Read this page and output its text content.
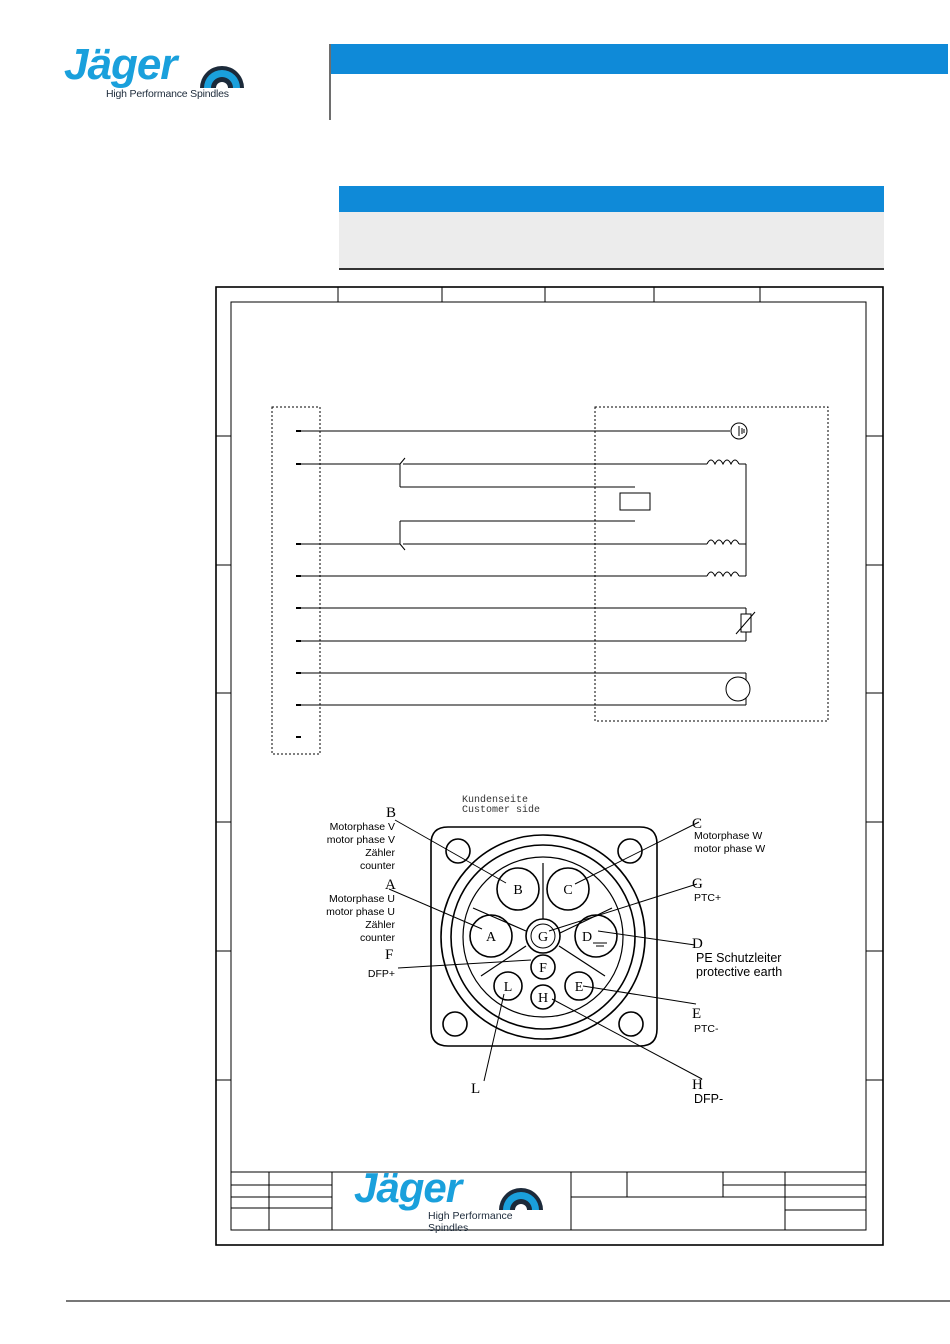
Jäger
High Performance Spindles
B
A
F
L
C
G D
E
H
Kundenseite
Customer side
B
Motorphase V
motor phase V
Zähler
counter
A
Motorphase U
motor phase U
Zähler
counter
F
DFP+
L
C
Motorphase W
motor phase W
G
PTC+
D
PE Schutzleiter
protective earth
E
PTC-
H
DFP-
Jäger
High Performance Spindles
